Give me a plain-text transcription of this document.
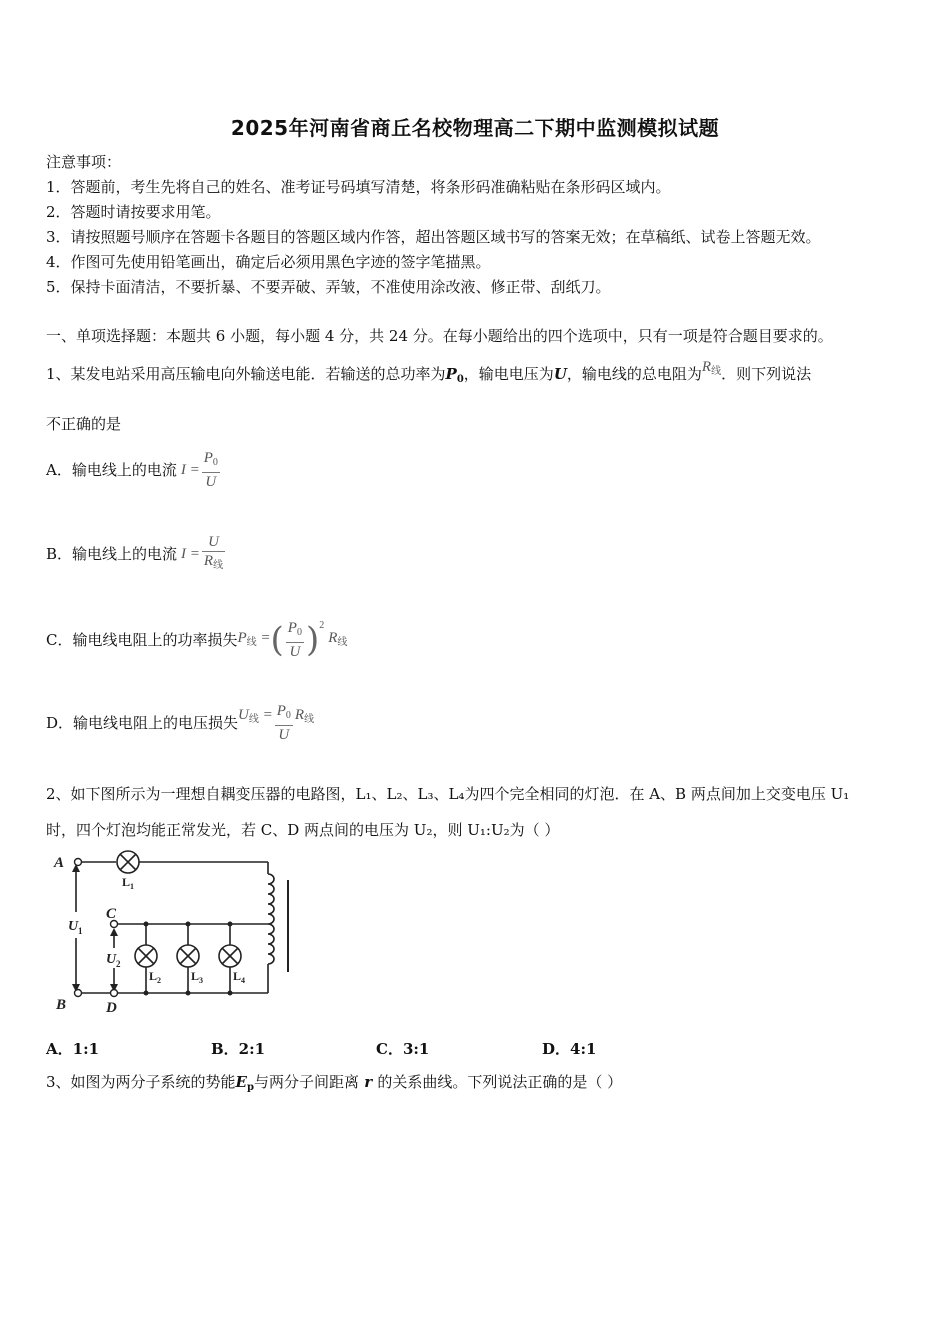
2025年河南省商丘名校物理高二下期中监测模拟试题
注意事项：
1．答题前，考生先将自己的姓名、准考证号码填写清楚，将条形码准确粘贴在条形码区域内。
2．答题时请按要求用笔。
3．请按照题号顺序在答题卡各题目的答题区域内作答，超出答题区域书写的答案无效；在草稿纸、试卷上答题无效。
4．作图可先使用铅笔画出，确定后必须用黑色字迹的签字笔描黑。
5．保持卡面清洁，不要折暴、不要弄破、弄皱，不准使用涂改液、修正带、刮纸刀。
一、单项选择题：本题共 6 小题，每小题 4 分，共 24 分。在每小题给出的四个选项中，只有一项是符合题目要求的。
1、某发电站采用高压输电向外输送电能．若输送的总功率为$P_0$，输电电压为U，输电线的总电阻为$R_线$．则下列说法
不正确的是
A．输电线上的电流 $I = \frac{P_0}{U}$
B．输电线上的电流 $I = \frac{U}{R_线}$
C．输电线电阻上的功率损失 $P_线$ = ( $\frac{P_0}{U}$ ) 2
$R_线$
D．输电线电阻上的电压损失 $U_线 = \frac{P_0}{U} R_线$
2、如下图所示为一理想自耦变压器的电路图，L₁、L₂、L₃、L₄为四个完全相同的灯泡．在 A、B 两点间加上交变电压 U₁
时，四个灯泡均能正常发光，若 C、D 两点间的电压为 U₂，则 U₁:U₂为（ ）
A
B
C
D
U 1
U 2
L 1
L 2	L 3	L 4
A．1:1	B．2:1	C．3:1	D．4:1
3、如图为两分子系统的势能$E_p$与两分子间距离 r 的关系曲线。下列说法正确的是（ ）
